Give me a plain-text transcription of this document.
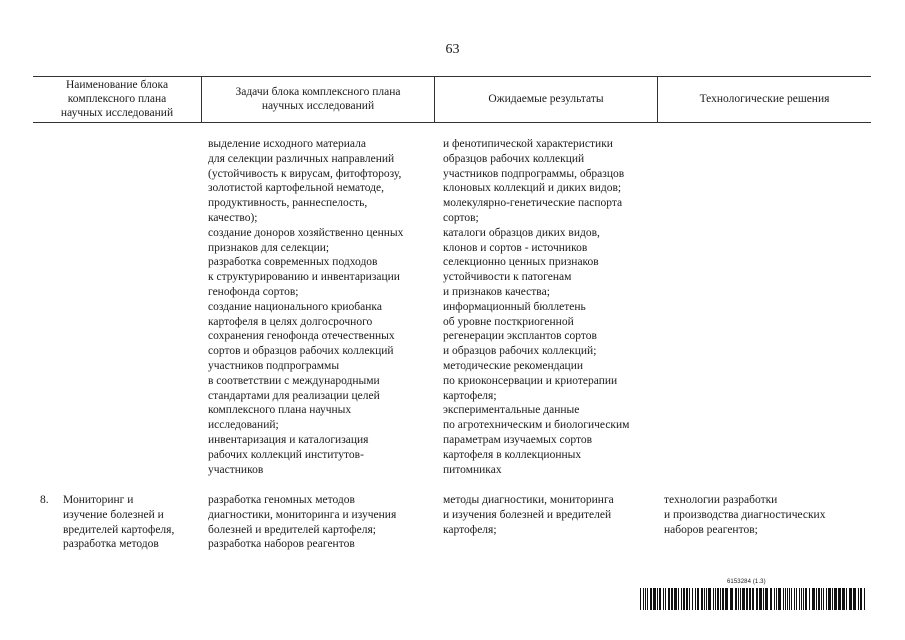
63
Наименование блока
комплексного плана
научных исследований
Задачи блока комплексного плана
научных исследований
Ожидаемые результаты	Технологические решения
выделение исходного материала
для селекции различных направлений
(устойчивость к вирусам, фитофторозу,
золотистой картофельной нематоде,
продуктивность, раннеспелость,
качество);
создание доноров хозяйственно ценных
признаков для селекции;
разработка современных подходов
к структурированию и инвентаризации
генофонда сортов;
создание национального криобанка
картофеля в целях долгосрочного
сохранения генофонда отечественных
сортов и образцов рабочих коллекций
участников подпрограммы
в соответствии с международными
стандартами для реализации целей
комплексного плана научных
исследований;
инвентаризация и каталогизация
рабочих коллекций институтов-
участников
и фенотипической характеристики
образцов рабочих коллекций
участников подпрограммы, образцов
клоновых коллекций и диких видов;
молекулярно-генетические паспорта
сортов;
каталоги образцов диких видов,
клонов и сортов - источников
селекционно ценных признаков
устойчивости к патогенам
и признаков качества;
информационный бюллетень
об уровне посткриогенной
регенерации эксплантов сортов
и образцов рабочих коллекций;
методические рекомендации
по криоконсервации и криотерапии
картофеля;
экспериментальные данные
по агротехническим и биологическим
параметрам изучаемых сортов
картофеля в коллекционных
питомниках
8. Мониторинг и
изучение болезней и
вредителей картофеля,
разработка методов
разработка геномных методов
диагностики, мониторинга и изучения
болезней и вредителей картофеля;
разработка наборов реагентов
методы диагностики, мониторинга
и изучения болезней и вредителей
картофеля;
технологии разработки
и производства диагностических
наборов реагентов;
6153284 (1.3)
